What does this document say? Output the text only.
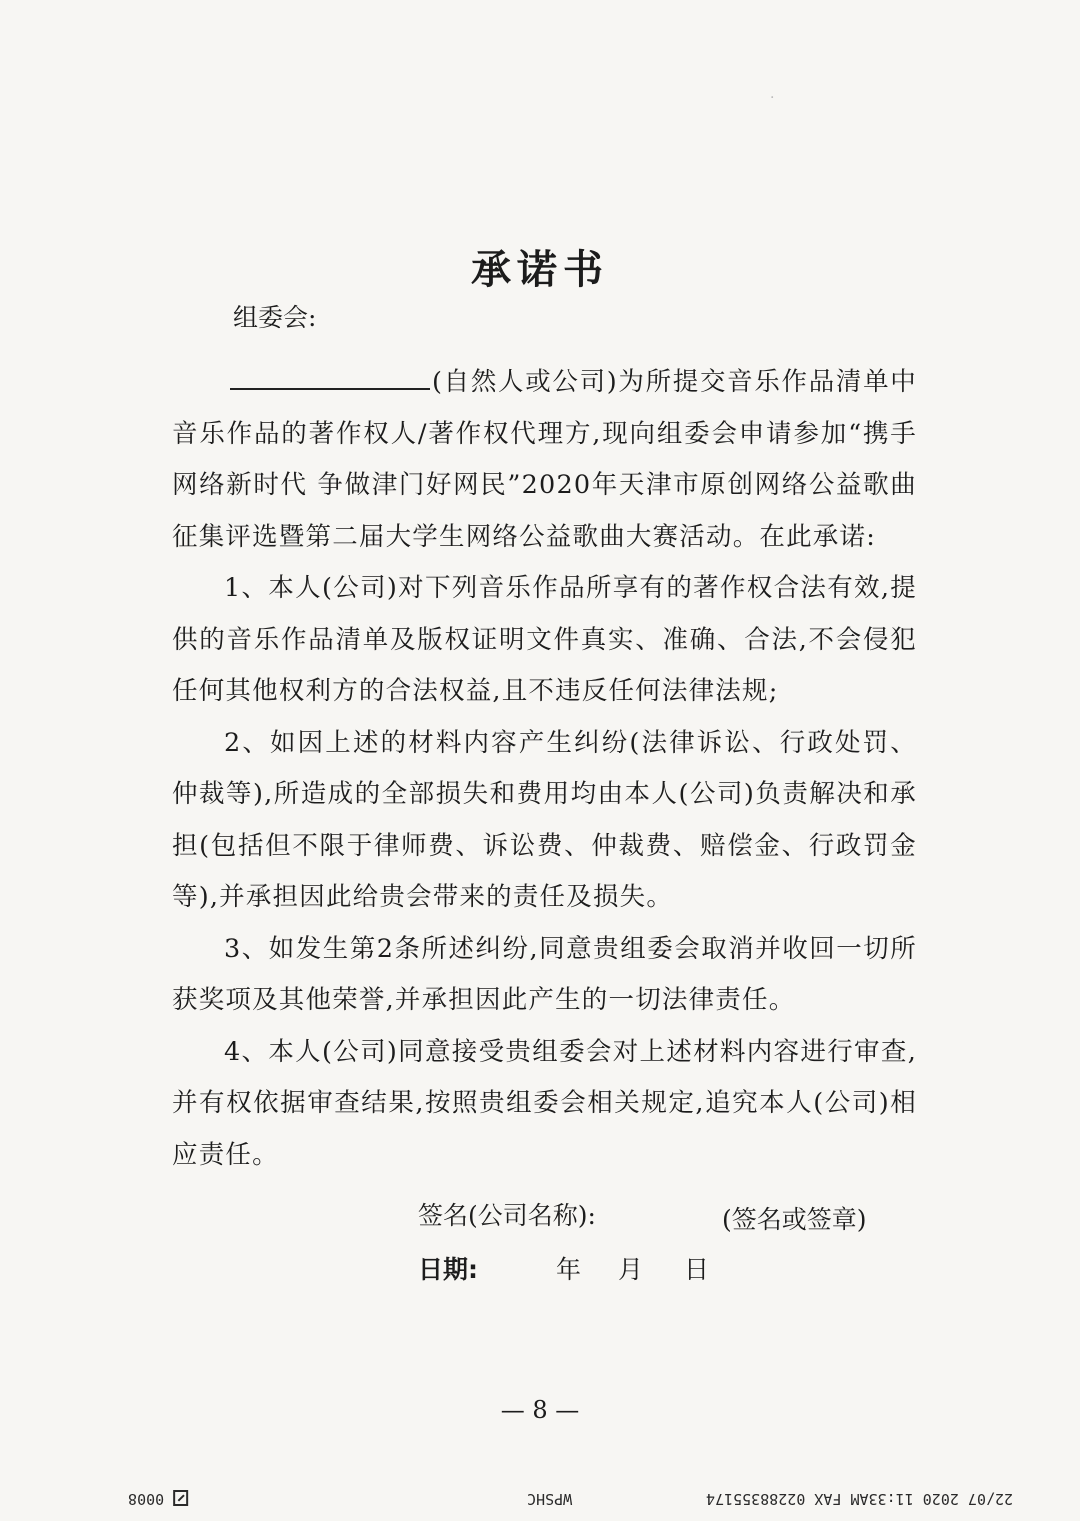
·
承诺书
组委会:

(自然人或公司)为所提交音乐作品清单中音乐作品的著作权人/著作权代理方,现向组委会申请参加“携手网络新时代 争做津门好网民”2020年天津市原创网络公益歌曲征集评选暨第二届大学生网络公益歌曲大赛活动。在此承诺:

1、本人(公司)对下列音乐作品所享有的著作权合法有效,提供的音乐作品清单及版权证明文件真实、准确、合法,不会侵犯任何其他权利方的合法权益,且不违反任何法律法规;

2、如因上述的材料内容产生纠纷(法律诉讼、行政处罚、仲裁等),所造成的全部损失和费用均由本人(公司)负责解决和承担(包括但不限于律师费、诉讼费、仲裁费、赔偿金、行政罚金等),并承担因此给贵会带来的责任及损失。

3、如发生第2条所述纠纷,同意贵组委会取消并收回一切所获奖项及其他荣誉,并承担因此产生的一切法律责任。

4、本人(公司)同意接受贵组委会对上述材料内容进行审查,并有权依据审查结果,按照贵组委会相关规定,追究本人(公司)相应责任。

签名(公司名称):	(签名或签章)
日期:	年 月 日
— 8 —
0008	WPSHC	22/07 2020 11:33AM FAX 02288355174
